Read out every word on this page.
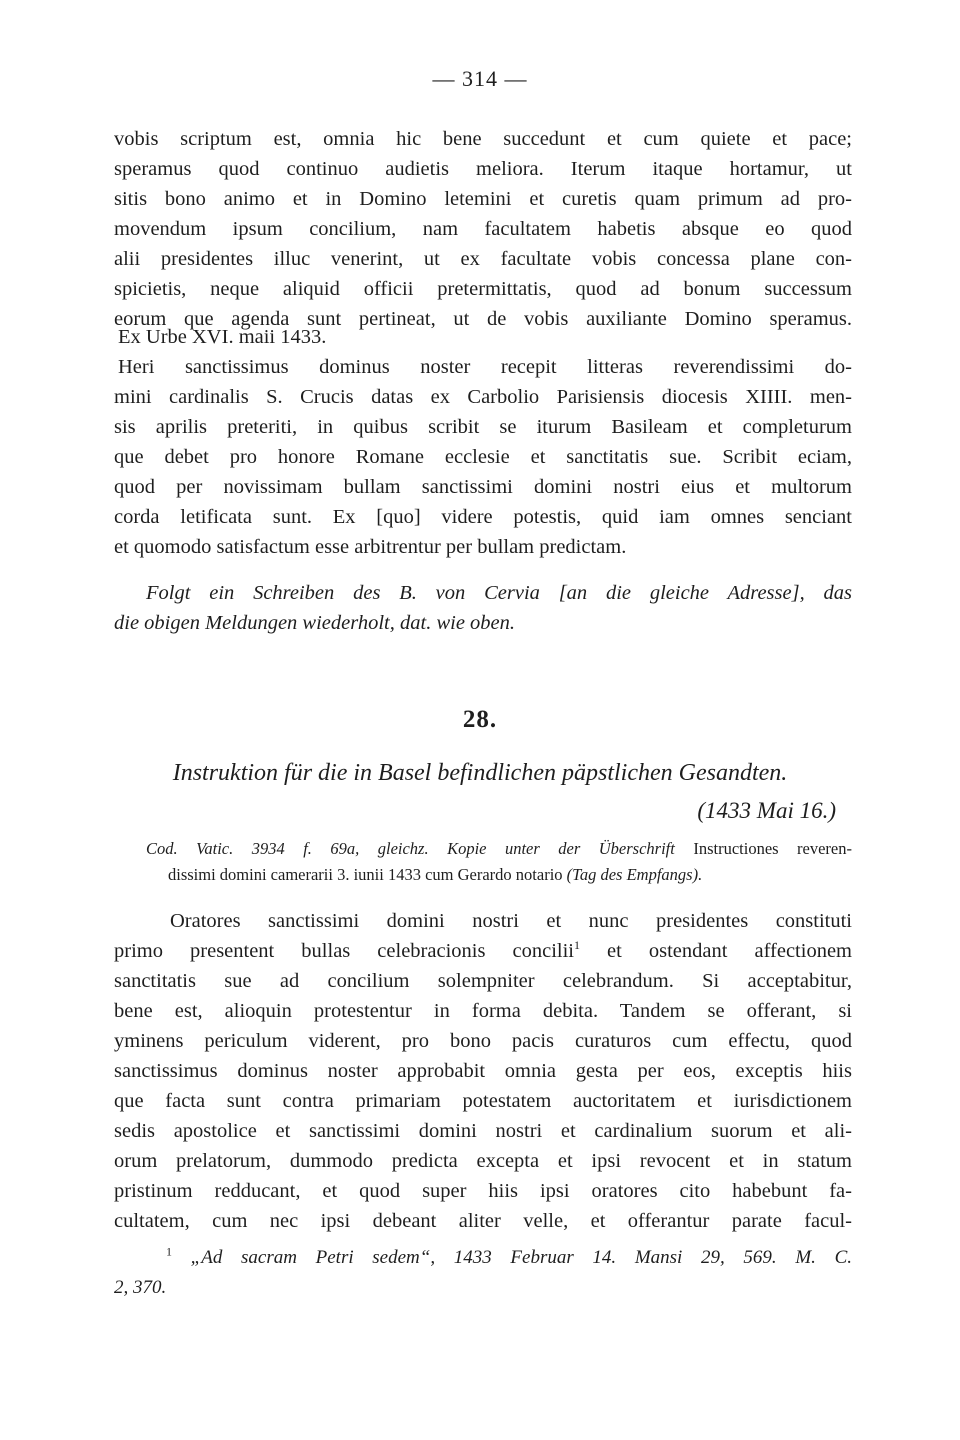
— 314 —
vobis scriptum est, omnia hic bene succedunt et cum quiete et pace;
speramus quod continuo audietis meliora. Iterum itaque hortamur, ut
sitis bono animo et in Domino letemini et curetis quam primum ad pro-
movendum ipsum concilium, nam facultatem habetis absque eo quod
alii presidentes illuc venerint, ut ex facultate vobis concessa plane con-
spicietis, neque aliquid officii pretermittatis, quod ad bonum successum
eorum que agenda sunt pertineat, ut de vobis auxiliante Domino speramus.
Ex Urbe XVI. maii 1433.
Heri sanctissimus dominus noster recepit litteras reverendissimi do-
mini cardinalis S. Crucis datas ex Carbolio Parisiensis diocesis XIIII. men-
sis aprilis preteriti, in quibus scribit se iturum Basileam et completurum
que debet pro honore Romane ecclesie et sanctitatis sue. Scribit eciam,
quod per novissimam bullam sanctissimi domini nostri eius et multorum
corda letificata sunt. Ex [quo] videre potestis, quid iam omnes senciant
et quomodo satisfactum esse arbitrentur per bullam predictam.
Folgt ein Schreiben des B. von Cervia [an die gleiche Adresse], das
die obigen Meldungen wiederholt, dat. wie oben.
28.
Instruktion für die in Basel befindlichen päpstlichen Gesandten.
(1433 Mai 16.)
Cod. Vatic. 3934 f. 69a, gleichz. Kopie unter der Überschrift Instructiones reveren-
dissimi domini camerarii 3. iunii 1433 cum Gerardo notario (Tag des Empfangs).
Oratores sanctissimi domini nostri et nunc presidentes constituti
primo presentent bullas celebracionis concilii$^1$ et ostendant affectionem
sanctitatis sue ad concilium solempniter celebrandum. Si acceptabitur,
bene est, alioquin protestentur in forma debita. Tandem se offerant, si
yminens periculum viderent, pro bono pacis curaturos cum effectu, quod
sanctissimus dominus noster approbabit omnia gesta per eos, exceptis hiis
que facta sunt contra primariam potestatem auctoritatem et iurisdictionem
sedis apostolice et sanctissimi domini nostri et cardinalium suorum et ali-
orum prelatorum, dummodo predicta excepta et ipsi revocent et in statum
pristinum redducant, et quod super hiis ipsi oratores cito habebunt fa-
cultatem, cum nec ipsi debeant aliter velle, et offerantur parate facul-
$^1$ „Ad sacram Petri sedem“, 1433 Februar 14. Mansi 29, 569. M. C.
2, 370.
